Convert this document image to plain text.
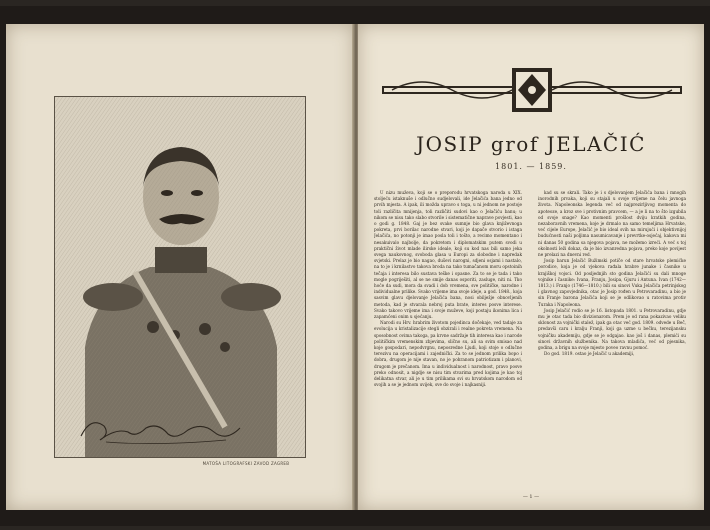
MATOŠA LITOGRAFSKI ZAVOD ZAGREB
JOSIP grof JELAČIĆ
1801. — 1859.

U nizu muževa, koji se o preporodu hrvatskoga naroda u XIX. stoljeću istaknuše i odlučno sudjelovali, ide Jelačića bana jedno od prvih mjesta. A ipak, ili možda upravo s toga, u ni jednom ne postoje toli različita mnijenja, toli različiti sudovi kao o Jelačiću banu; u nikom se nisu tako slabo stvorile i sistematične naprave povjesti, kao o godi g. 1848. Gaj je bez svake sumnje bio glava književnoga pokreta, prvi borilac narodne stvari, koji je dapače stvorio i istaga Jelačića, no potonji je imao posla toli i tošto, a recimo momentano i nesakuivalo najbolje, da pokretom i diplomatskim putem svodi u praktični život mlade ilirske ideale, koji su kod nas bili samo jeka svega naukovnog, svoboda glasa u Europi za slobodne i napredak svjetski. Prelaz je bio nagao, duševi narogni, sdjeni osjami i nastalo, na to je i krnilastvo takova broda na tako tumačanom moru opstoinih tečaja i interesa bilo sustava teške i opasne. Za to se je tada i tako mogle pogriješiti, al se ne smije danas osporiti, zasluge, niti ni. Tko hoće da sudi, mora da svadi i dob vremena, sve političke, narodne i individualne prilike. Svako vrijeme ima svoje ideje, a god. 1848., koja sasvim glavu djelovanje Jelačića bana, nosi obilježje obnovljenih metoda, kad je stvarala nebroj puta brate, interes posve interese. Svako takovo vrijeme ima i svoje muževe, koji postaju ikonima lica i zapamćeni onim u sjećanju.

Narodi su Hrv. hrabrim životom pojedinca dočekaje, ved tadaje za evolucija u kristalizacije stegli obzirali i realne pokreta vremena. Na sposobnost ovima takoga, pa krvne sadržaje tih interesa kao i narode političkim vremenskim zbjevima, slično su, ali sa svim smisao nad koje gospodari, nepodvrgnu, neposredne Ljudi, koji stoje o odlučne terezivu na operacijami i zajednički. Za to se jednom prilika bopo i dobra, drugom je nije stavan, no je pohranom patriotizam i planovi, drugom je prečanom. Ima u individualnost i narodnost, pravo posve preko odnosit, a nigdje se nisu tim stvarima pred kojima je kao toj delikatna stvar, ali je u tim prilikama svi su hrvatskom narodom od svojih a se je jednom uvijek, sve do svoje i najkasniji.

kad su se skrali. Tako je i s djelovanjem Jelačića bana i mnogih inorodnih prvaka, koji su stajali u svoje vrijeme na čelu javnoga života. Napoleonska legenda već od najprezirljivog momenta do apoteoze, a kroz sve i protivnim pravcem, — a je li na to što izgubila od svoje snage? Kao momenti prošlost dviju kratkih godina, nezaboravnih vremena, koje je drmalo na samo temeljima Hrvatske, već cijele Europe, Jelačić je bio ideal svih na mirujući i objektivnijoj budućnosti naši poljima nasumicavanje i prevrtke-osjećaj, kakova mi ni danas 50 godina sa njegova pojava, ne možemo izreći. A već s toj okolnosti leži dokaz, da je bio izvanredna pojava, preko koje povijest ne prelazi na dnevni red.

Josip barun Jelačić Bužimski potiče od stare hrvatske plemićke porodice, koja je od vjekova rađala hrabre junake i časnike u krajiškoj vojsci. Od posljednjih sto godina Jelačići su dali mnoge vojnike i časnike: Ivana, Franju, Josipa, Gjuru i Antuna. Ivan (1742—1813.) i Franjo (1746—1810.) bili su sinovi Vuka Jelačića petrinjskog i glavnog zapovjednika, otac je Josip rođen u Petrovaradinu, a bio je sin Franje barona Jelačića koji se je odlikovao u ratovima protiv Turaka i Napoleona.

Josip Jelačić rodio se je 16. listopada 1801. u Petrovaradinu, gdje mu je otac tada bio divizionarom. Prem je od rana pokazivao veliku sklonost za vojnički stalež, ipak ga otac već god. 1809. odvede u Beč, predavši caru i kralju Franji, koji ga uzme u bečku, terezijansku vojničku akademiju, gdje se je odgajao. kao još i danas, plemići su sinovi državnih službenika. Na takova mladića, već od pjesnika, godina, a brigu na svoje mjesto poveo ravnu pomoć.

Do god. 1819. ostao je Jelačić u akademiji,

— 1 —
